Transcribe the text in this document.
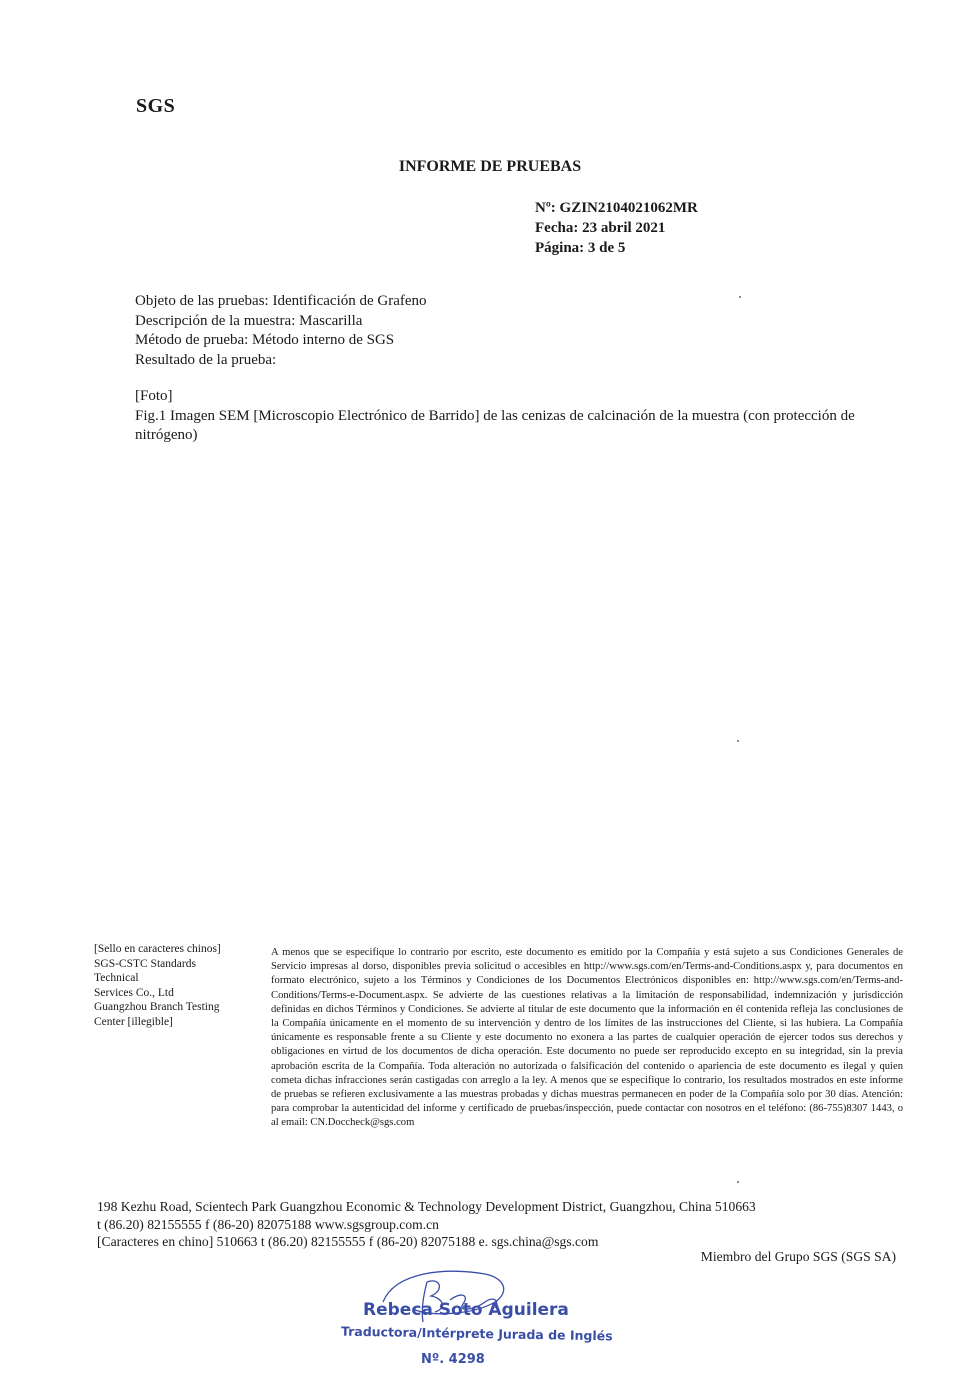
SGS
INFORME DE PRUEBAS
Nº: GZIN2104021062MR
Fecha: 23 abril 2021
Página: 3 de 5
Objeto de las pruebas: Identificación de Grafeno
Descripción de la muestra: Mascarilla
Método de prueba: Método interno de SGS
Resultado de la prueba:
[Foto]
Fig.1 Imagen SEM [Microscopio Electrónico de Barrido] de las cenizas de calcinación de la muestra (con protección de nitrógeno)
[Sello en caracteres chinos]
SGS-CSTC Standards
Technical
Services Co., Ltd
Guangzhou Branch Testing
Center [illegible]
A menos que se especifique lo contrario por escrito, este documento es emitido por la Compañía y está sujeto a sus Condiciones Generales de Servicio impresas al dorso, disponibles previa solicitud o accesibles en http://www.sgs.com/en/Terms-and-Conditions.aspx y, para documentos en formato electrónico, sujeto a los Términos y Condiciones de los Documentos Electrónicos disponibles en: http://www.sgs.com/en/Terms-and-Conditions/Terms-e-Document.aspx. Se advierte de las cuestiones relativas a la limitación de responsabilidad, indemnización y jurisdicción definidas en dichos Términos y Condiciones. Se advierte al titular de este documento que la información en él contenida refleja las conclusiones de la Compañía únicamente en el momento de su intervención y dentro de los límites de las instrucciones del Cliente, si las hubiera. La Compañía únicamente es responsable frente a su Cliente y este documento no exonera a las partes de cualquier operación de ejercer todos sus derechos y obligaciones en virtud de los documentos de dicha operación. Este documento no puede ser reproducido excepto en su integridad, sin la previa aprobación escrita de la Compañía. Toda alteración no autorizada o falsificación del contenido o apariencia de este documento es ilegal y quien cometa dichas infracciones serán castigadas con arreglo a la ley. A menos que se especifique lo contrario, los resultados mostrados en este informe de pruebas se refieren exclusivamente a las muestras probadas y dichas muestras permanecen en poder de la Compañía solo por 30 días. Atención: para comprobar la autenticidad del informe y certificado de pruebas/inspección, puede contactar con nosotros en el teléfono: (86-755)8307 1443, o al email: CN.Doccheck@sgs.com
198 Kezhu Road, Scientech Park Guangzhou Economic & Technology Development District, Guangzhou, China 510663
t (86.20) 82155555 f (86-20) 82075188 www.sgsgroup.com.cn
[Caracteres en chino] 510663 t (86.20) 82155555 f (86-20) 82075188 e. sgs.china@sgs.com
Miembro del Grupo SGS (SGS SA)
Rebeca Soto Aguilera
Traductora/Intérprete Jurada de Inglés
Nº. 4298
